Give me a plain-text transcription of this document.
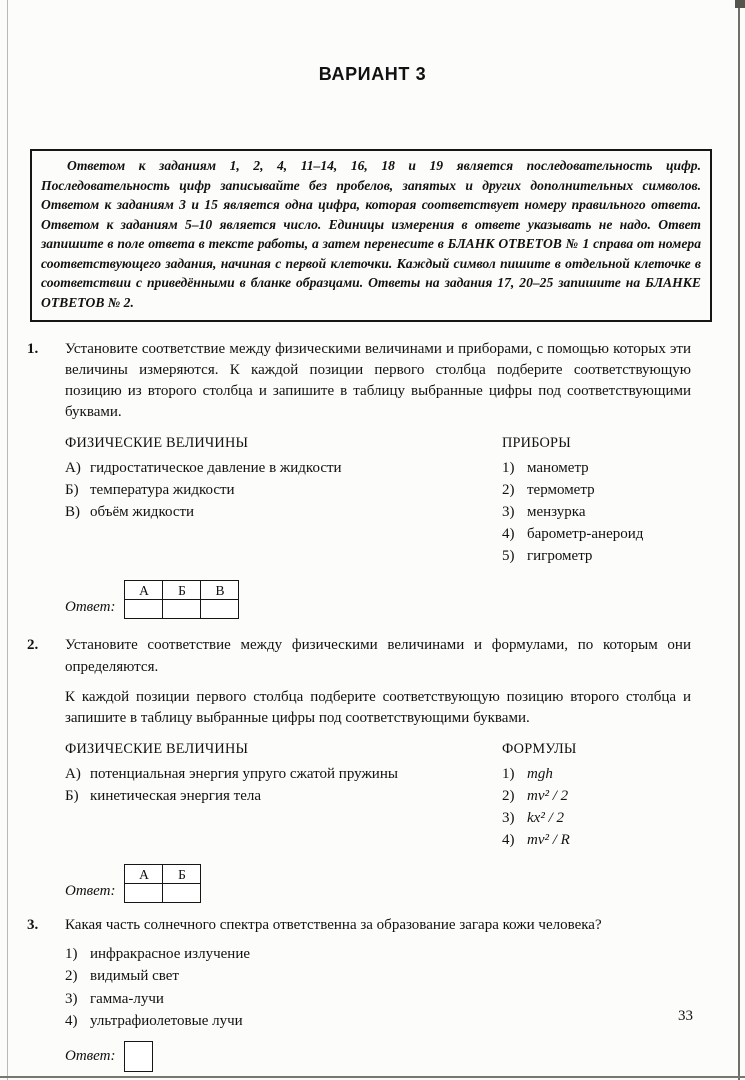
ВАРИАНТ 3

Ответом к заданиям 1, 2, 4, 11–14, 16, 18 и 19 является последовательность цифр. Последовательность цифр записывайте без пробелов, запятых и других дополнительных символов. Ответом к заданиям 3 и 15 является одна цифра, которая соответствует номеру правильного ответа. Ответом к заданиям 5–10 является число. Единицы измерения в ответе указывать не надо. Ответ запишите в поле ответа в тексте работы, а затем перенесите в БЛАНК ОТВЕТОВ № 1 справа от номера соответствующего задания, начиная с первой клеточки. Каждый символ пишите в отдельной клеточке в соответствии с приведёнными в бланке образцами. Ответы на задания 17, 20–25 запишите на БЛАНКЕ ОТВЕТОВ № 2.

1.	Установите соответствие между физическими величинами и приборами, с помощью которых эти величины измеряются. К каждой позиции первого столбца подберите соответствующую позицию из второго столбца и запишите в таблицу выбранные цифры под соответствующими буквами.
ФИЗИЧЕСКИЕ ВЕЛИЧИНЫ
А) гидростатическое давление в жидкости
Б) температура жидкости
В) объём жидкости
ПРИБОРЫ
1) манометр
2) термометр
3) мензурка
4) барометр-анероид
5) гигрометр
Ответ:
А	Б	В

2.	Установите соответствие между физическими величинами и формулами, по которым они определяются.
К каждой позиции первого столбца подберите соответствующую позицию второго столбца и запишите в таблицу выбранные цифры под соответствующими буквами.
ФИЗИЧЕСКИЕ ВЕЛИЧИНЫ
А) потенциальная энергия упруго сжатой пружины
Б) кинетическая энергия тела
ФОРМУЛЫ
1) mgh
2) mv² / 2
3) kx² / 2
4) mv² / R
Ответ:
А	Б

3.	Какая часть солнечного спектра ответственна за образование загара кожи человека?
1) инфракрасное излучение
2) видимый свет
3) гамма-лучи
4) ультрафиолетовые лучи
Ответ:
33
